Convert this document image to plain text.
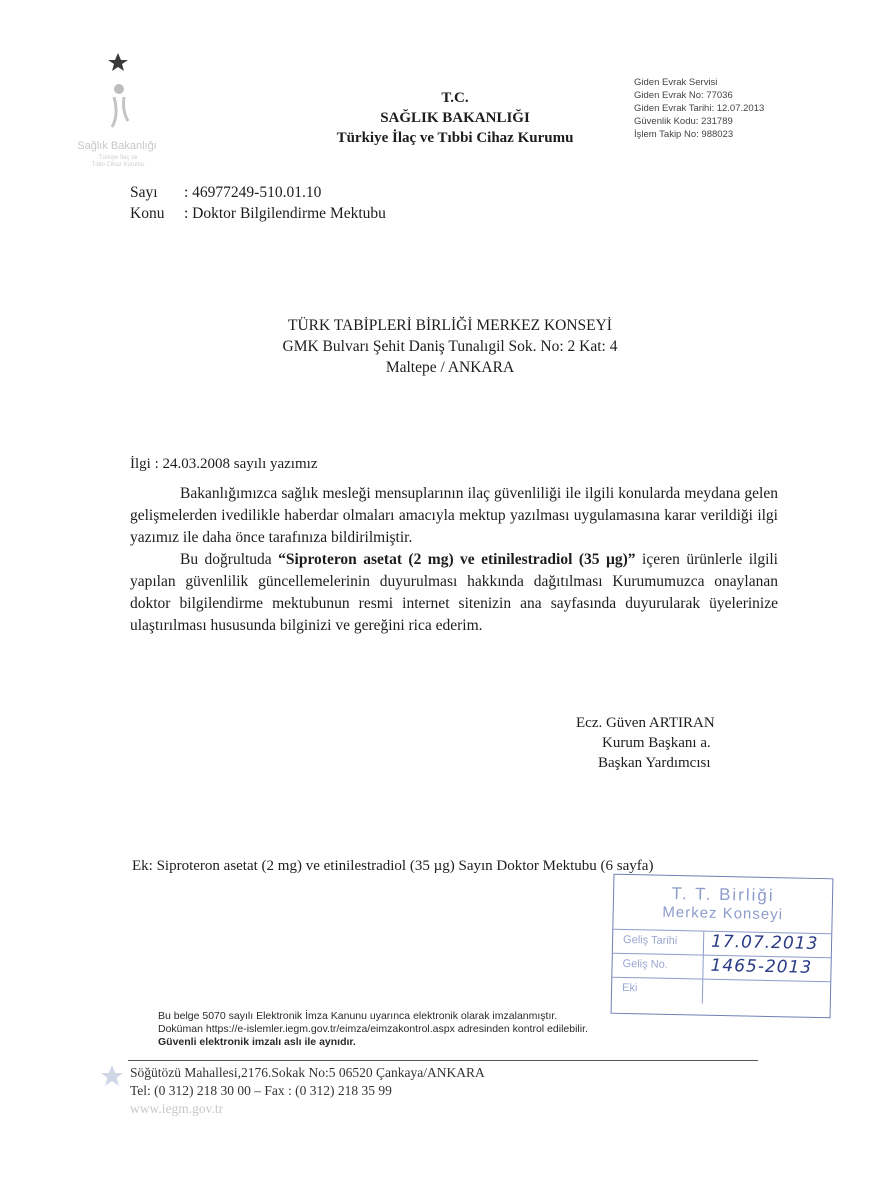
Sağlık Bakanlığı
Türkiye İlaç ve
Tıbbi Cihaz Kurumu
T.C.
SAĞLIK BAKANLIĞI
Türkiye İlaç ve Tıbbi Cihaz Kurumu
Giden Evrak Servisi
Giden Evrak No: 77036
Giden Evrak Tarihi: 12.07.2013
Güvenlik Kodu: 231789
İşlem Takip No: 988023
Sayı : 46977249-510.01.10
Konu : Doktor Bilgilendirme Mektubu
TÜRK TABİPLERİ BİRLİĞİ MERKEZ KONSEYİ
GMK Bulvarı Şehit Daniş Tunalıgil Sok. No: 2 Kat: 4
Maltepe / ANKARA
İlgi : 24.03.2008 sayılı yazımız

Bakanlığımızca sağlık mesleği mensuplarının ilaç güvenliliği ile ilgili konularda meydana gelen gelişmelerden ivedilikle haberdar olmaları amacıyla mektup yazılması uygulamasına karar verildiği ilgi yazımız ile daha önce tarafınıza bildirilmiştir.

Bu doğrultuda “Siproteron asetat (2 mg) ve etinilestradiol (35 µg)” içeren ürünlerle ilgili yapılan güvenlilik güncellemelerinin duyurulması hakkında dağıtılması Kurumumuzca onaylanan doktor bilgilendirme mektubunun resmi internet sitenizin ana sayfasında duyurularak üyelerinize ulaştırılması hususunda bilginizi ve gereğini rica ederim.

Ecz. Güven ARTIRAN
Kurum Başkanı a.
Başkan Yardımcısı
Ek: Siproteron asetat (2 mg) ve etinilestradiol (35 µg) Sayın Doktor Mektubu (6 sayfa)
T. T. Birliği
Merkez Konseyi
Geliş Tarihi 17.07.2013
Geliş No. 1465-2013
Eki
Bu belge 5070 sayılı Elektronik İmza Kanunu uyarınca elektronik olarak imzalanmıştır.
Doküman https://e-islemler.iegm.gov.tr/eimza/eimzakontrol.aspx adresinden kontrol edilebilir.
Güvenli elektronik imzalı aslı ile aynıdır.
Söğütözü Mahallesi,2176.Sokak No:5 06520 Çankaya/ANKARA
Tel: (0 312) 218 30 00 – Fax : (0 312) 218 35 99
www.iegm.gov.tr
